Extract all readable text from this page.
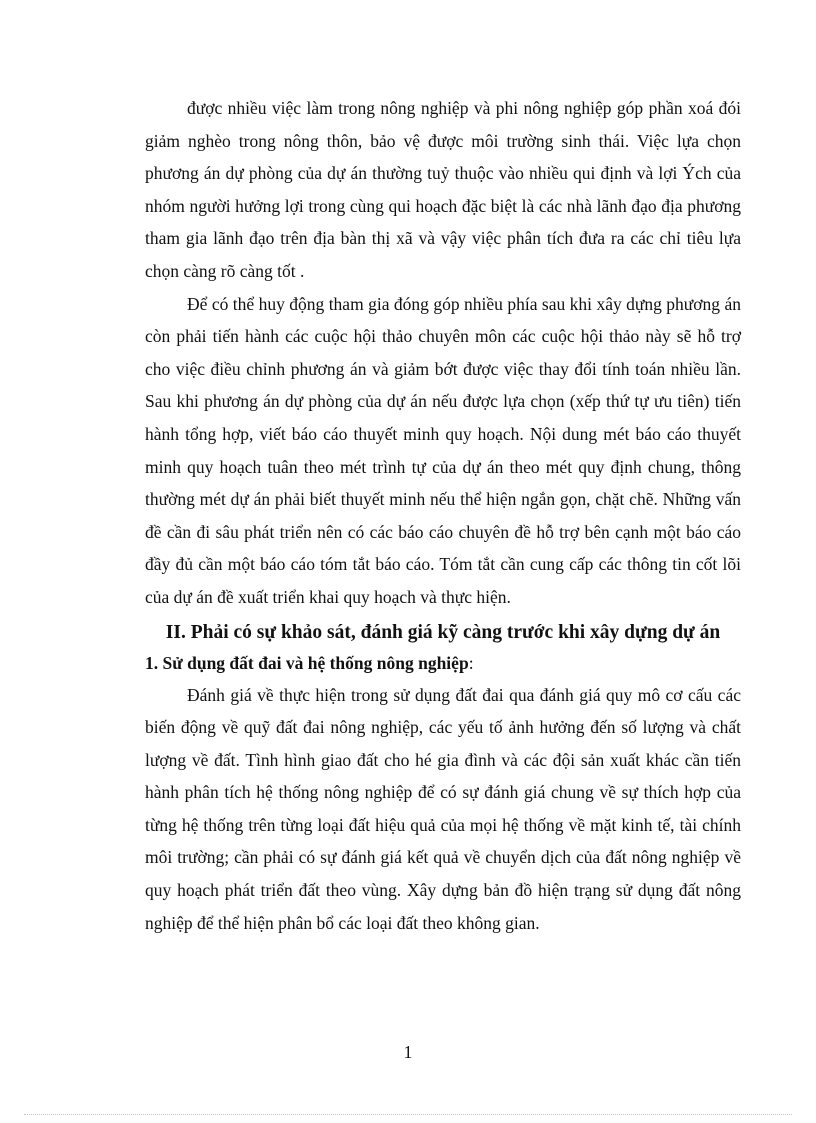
được nhiều việc làm trong nông nghiệp và phi nông nghiệp góp phần xoá đói giảm nghèo trong nông thôn, bảo vệ được môi trường sinh thái. Việc lựa chọn phương án dự phòng của dự án thường tuỷ thuộc vào nhiều qui định và lợi Ých của nhóm người hưởng lợi trong cùng qui hoạch đặc biệt là các nhà lãnh đạo địa phương tham gia lãnh đạo trên địa bàn thị xã và vậy việc phân tích đưa ra các chỉ tiêu lựa chọn càng rõ càng tốt .

Để có thể huy động tham gia đóng góp nhiều phía sau khi xây dựng phương án còn phải tiến hành các cuộc hội thảo chuyên môn các cuộc hội thảo này sẽ hỗ trợ cho việc điều chỉnh phương án và giảm bớt được việc thay đổi tính toán nhiều lần. Sau khi phương án dự phòng của dự án nếu được lựa chọn (xếp thứ tự ưu tiên) tiến hành tổng hợp, viết báo cáo thuyết minh quy hoạch. Nội dung mét báo cáo thuyết minh quy hoạch tuân theo mét trình tự của dự án theo mét quy định chung, thông thường mét dự án phải biết thuyết minh nếu thể hiện ngắn gọn, chặt chẽ. Những vấn đề cần đi sâu phát triển nên có các báo cáo chuyên đề hỗ trợ bên cạnh một báo cáo đầy đủ cần một báo cáo tóm tắt báo cáo. Tóm tắt cần cung cấp các thông tin cốt lõi của dự án đề xuất triển khai quy hoạch và thực hiện.

II. Phải có sự khảo sát, đánh giá kỹ càng trước khi xây dựng dự án
1. Sử dụng đất đai và hệ thống nông nghiệp:

Đánh giá về thực hiện trong sử dụng đất đai qua đánh giá quy mô cơ cấu các biến động về quỹ đất đai nông nghiệp, các yếu tố ảnh hưởng đến số lượng và chất lượng về đất. Tình hình giao đất cho hé gia đình và các đội sản xuất khác cần tiến hành phân tích hệ thống nông nghiệp để có sự đánh giá chung về sự thích hợp của từng hệ thống trên từng loại đất hiệu quả của mọi hệ thống về mặt kinh tế, tài chính môi trường; cần phải có sự đánh giá kết quả về chuyển dịch của đất nông nghiệp về quy hoạch phát triển đất theo vùng. Xây dựng bản đồ hiện trạng sử dụng đất nông nghiệp để thể hiện phân bổ các loại đất theo không gian.

1
